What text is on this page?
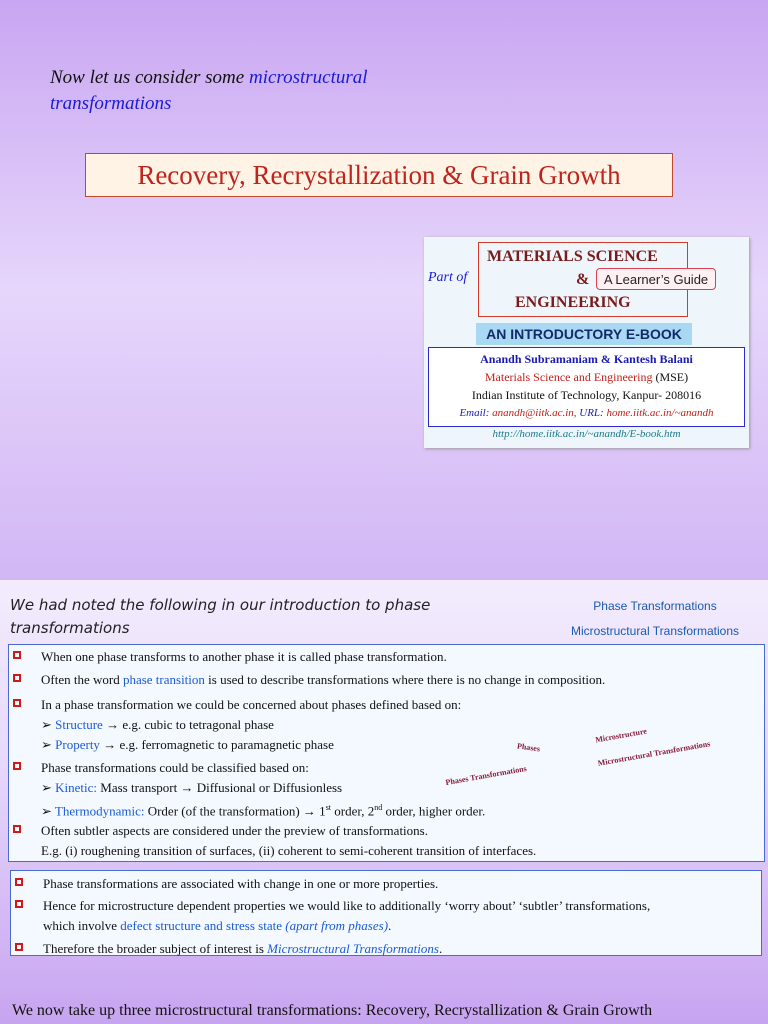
Now let us consider some microstructural
transformations
Recovery, Recrystallization & Grain Growth
Part of
MATERIALS SCIENCE
&
ENGINEERING
A Learner’s Guide
AN INTRODUCTORY E-BOOK
Anandh Subramaniam & Kantesh Balani
Materials Science and Engineering (MSE)
Indian Institute of Technology, Kanpur- 208016
Email: anandh@iitk.ac.in, URL: home.iitk.ac.in/~anandh
http://home.iitk.ac.in/~anandh/E-book.htm
We had noted the following in our introduction to phase transformations
Phase Transformations
Microstructural Transformations
When one phase transforms to another phase it is called phase transformation.
Often the word phase transition is used to describe transformations where there is no change in composition.
In a phase transformation we could be concerned about phases defined based on:
➢ Structure → e.g. cubic to tetragonal phase
➢ Property → e.g. ferromagnetic to paramagnetic phase
Phase transformations could be classified based on:
➢ Kinetic: Mass transport → Diffusional or Diffusionless
➢ Thermodynamic: Order (of the transformation) → 1st order, 2nd order, higher order.
Often subtler aspects are considered under the preview of transformations.
E.g. (i) roughening transition of surfaces, (ii) coherent to semi-coherent transition of interfaces.
Phases
Phases Transformations
Microstructure
Microstructural Transformations
Phase transformations are associated with change in one or more properties.
Hence for microstructure dependent properties we would like to additionally ‘worry about’ ‘subtler’ transformations,
which involve defect structure and stress state (apart from phases).
Therefore the broader subject of interest is Microstructural Transformations.
We now take up three microstructural transformations: Recovery, Recrystallization & Grain Growth
